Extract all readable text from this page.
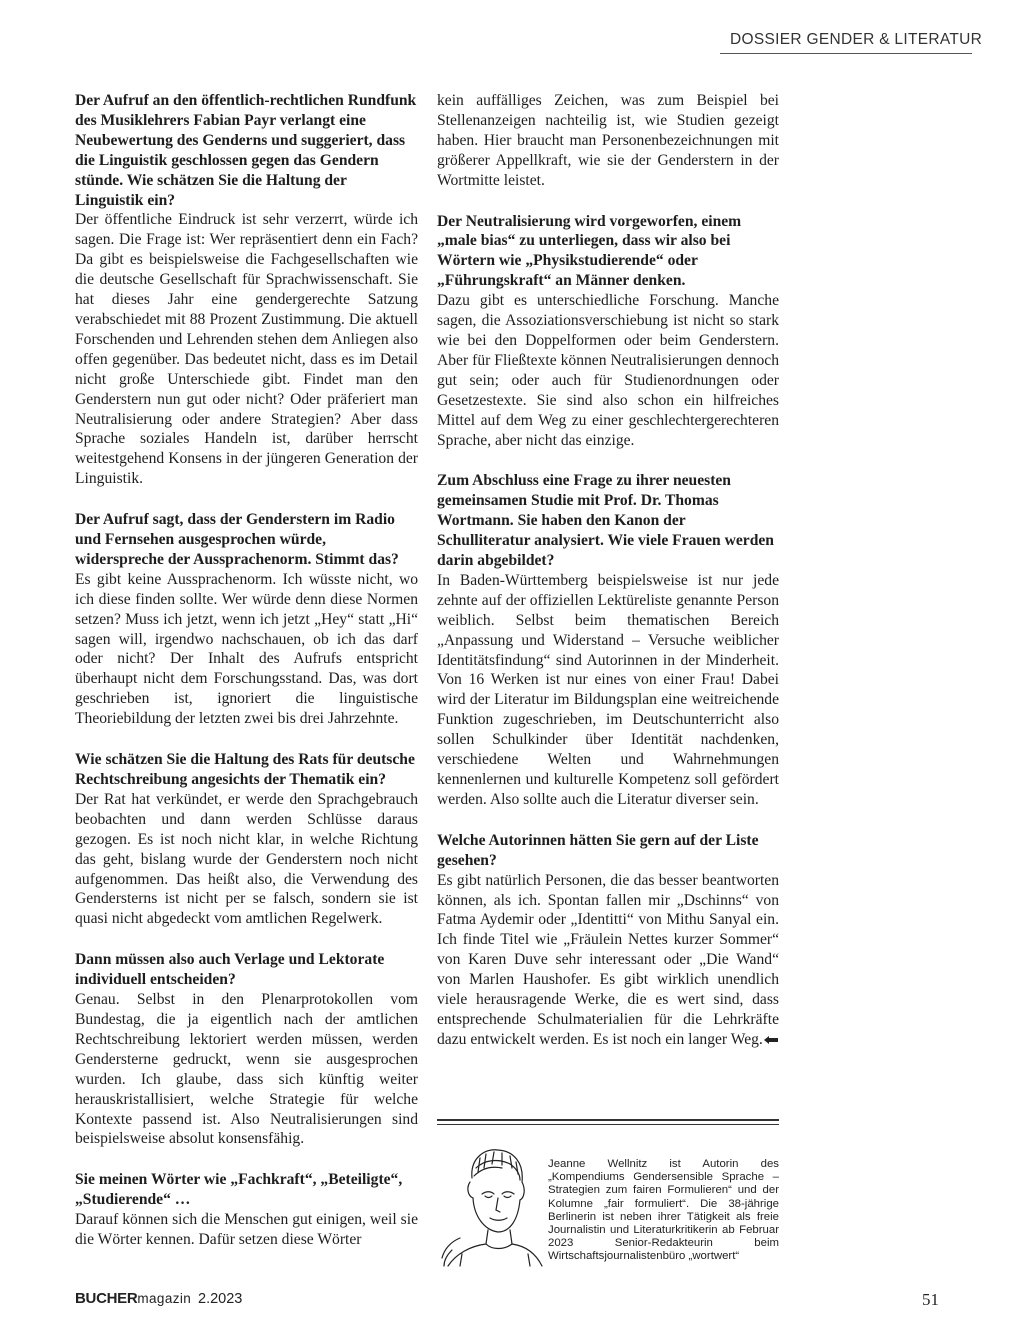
DOSSIER GENDER & LITERATUR

Der Aufruf an den öffentlich-rechtlichen Rundfunk des Musiklehrers Fabian Payr verlangt eine Neubewertung des Genderns und suggeriert, dass die Linguistik geschlossen gegen das Gendern stünde. Wie schätzen Sie die Haltung der Linguistik ein?

Der öffentliche Eindruck ist sehr verzerrt, würde ich sagen. Die Frage ist: Wer repräsentiert denn ein Fach? Da gibt es beispielsweise die Fachgesellschaften wie die deutsche Gesellschaft für Sprachwissenschaft. Sie hat dieses Jahr eine gendergerechte Satzung verabschiedet mit 88 Prozent Zustimmung. Die aktuell Forschenden und Lehrenden stehen dem Anliegen also offen gegenüber. Das bedeutet nicht, dass es im Detail nicht große Unterschiede gibt. Findet man den Genderstern nun gut oder nicht? Oder präferiert man Neutralisierung oder andere Strategien? Aber dass Sprache soziales Handeln ist, darüber herrscht weitestgehend Konsens in der jüngeren Generation der Linguistik.

Der Aufruf sagt, dass der Genderstern im Radio und Fernsehen ausgesprochen würde, widerspreche der Aussprachenorm. Stimmt das?

Es gibt keine Aussprachenorm. Ich wüsste nicht, wo ich diese finden sollte. Wer würde denn diese Normen setzen? Muss ich jetzt, wenn ich jetzt „Hey“ statt „Hi“ sagen will, irgendwo nachschauen, ob ich das darf oder nicht? Der Inhalt des Aufrufs entspricht überhaupt nicht dem Forschungsstand. Das, was dort geschrieben ist, ignoriert die linguistische Theoriebildung der letzten zwei bis drei Jahrzehnte.

Wie schätzen Sie die Haltung des Rats für deutsche Rechtschreibung angesichts der Thematik ein?

Der Rat hat verkündet, er werde den Sprachgebrauch beobachten und dann werden Schlüsse daraus gezogen. Es ist noch nicht klar, in welche Richtung das geht, bislang wurde der Genderstern noch nicht aufgenommen. Das heißt also, die Verwendung des Gendersterns ist nicht per se falsch, sondern sie ist quasi nicht abgedeckt vom amtlichen Regelwerk.

Dann müssen also auch Verlage und Lektorate individuell entscheiden?

Genau. Selbst in den Plenarprotokollen vom Bundestag, die ja eigentlich nach der amtlichen Rechtschreibung lektoriert werden müssen, werden Gendersterne gedruckt, wenn sie ausgesprochen wurden. Ich glaube, dass sich künftig weiter herauskristallisiert, welche Strategie für welche Kontexte passend ist. Also Neutralisierungen sind beispielsweise absolut konsensfähig.

Sie meinen Wörter wie „Fachkraft“, „Beteiligte“, „Studierende“ …

Darauf können sich die Menschen gut einigen, weil sie die Wörter kennen. Dafür setzen diese Wörter

kein auffälliges Zeichen, was zum Beispiel bei Stellenanzeigen nachteilig ist, wie Studien gezeigt haben. Hier braucht man Personenbezeichnungen mit größerer Appellkraft, wie sie der Genderstern in der Wortmitte leistet.

Der Neutralisierung wird vorgeworfen, einem „male bias“ zu unterliegen, dass wir also bei Wörtern wie „Physikstudierende“ oder „Führungskraft“ an Männer denken.

Dazu gibt es unterschiedliche Forschung. Manche sagen, die Assoziationsverschiebung ist nicht so stark wie bei den Doppelformen oder beim Genderstern. Aber für Fließtexte können Neutralisierungen dennoch gut sein; oder auch für Studienordnungen oder Gesetzestexte. Sie sind also schon ein hilfreiches Mittel auf dem Weg zu einer geschlechtergerechteren Sprache, aber nicht das einzige.

Zum Abschluss eine Frage zu ihrer neuesten gemeinsamen Studie mit Prof. Dr. Thomas Wortmann. Sie haben den Kanon der Schulliteratur analysiert. Wie viele Frauen werden darin abgebildet?

In Baden-Württemberg beispielsweise ist nur jede zehnte auf der offiziellen Lektüreliste genannte Person weiblich. Selbst beim thematischen Bereich „Anpassung und Widerstand – Versuche weiblicher Identitätsfindung“ sind Autorinnen in der Minderheit. Von 16 Werken ist nur eines von einer Frau! Dabei wird der Literatur im Bildungsplan eine weitreichende Funktion zugeschrieben, im Deutschunterricht also sollen Schulkinder über Identität nachdenken, verschiedene Welten und Wahrnehmungen kennenlernen und kulturelle Kompetenz soll gefördert werden. Also sollte auch die Literatur diverser sein.

Welche Autorinnen hätten Sie gern auf der Liste gesehen?

Es gibt natürlich Personen, die das besser beantworten können, als ich. Spontan fallen mir „Dschinns“ von Fatma Aydemir oder „Identitti“ von Mithu Sanyal ein. Ich finde Titel wie „Fräulein Nettes kurzer Sommer“ von Karen Duve sehr interessant oder „Die Wand“ von Marlen Haushofer. Es gibt wirklich unendlich viele herausragende Werke, die es wert sind, dass entsprechende Schulmaterialien für die Lehrkräfte dazu entwickelt werden. Es ist noch ein langer Weg.

Jeanne Wellnitz ist Autorin des „Kompendiums Gendersensible Sprache – Strategien zum fairen Formulieren“ und der Kolumne „fair formuliert“. Die 38-jährige Berlinerin ist neben ihrer Tätigkeit als freie Journalistin und Literaturkritikerin ab Februar 2023 Senior-Redakteurin beim Wirtschaftsjournalistenbüro „wortwert“
BUCHERmagazin 2.2023	51
